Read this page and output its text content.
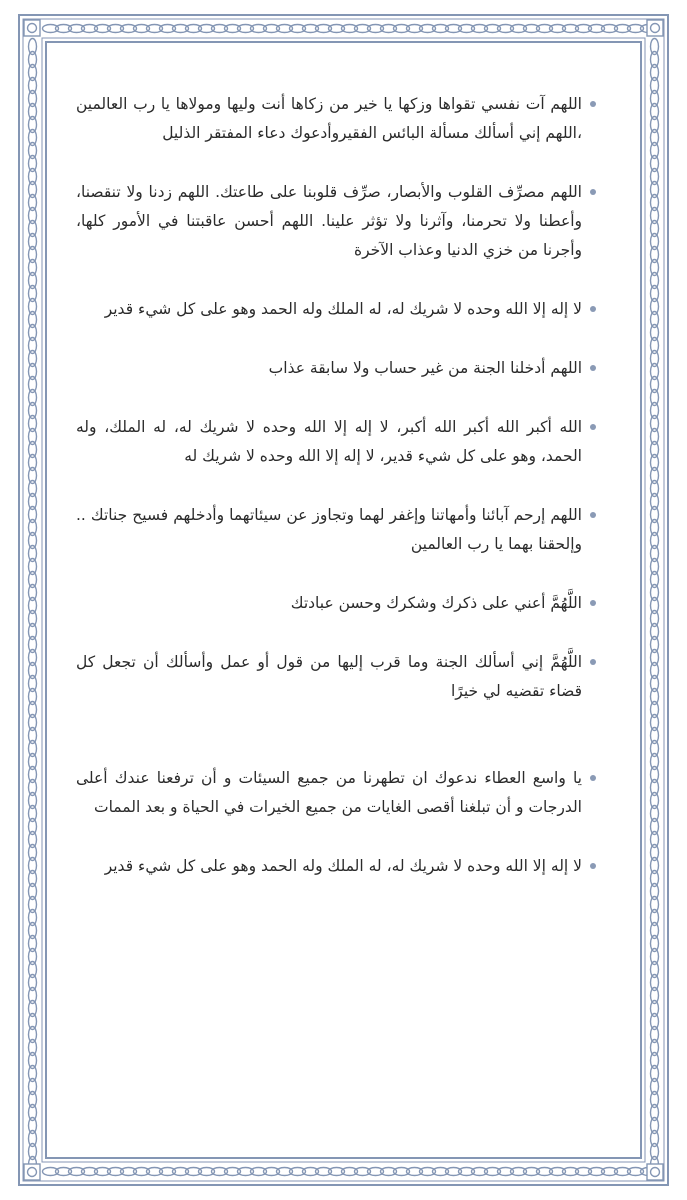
اللهم آت نفسي تقواها وزكها يا خير من زكاها أنت وليها ومولاها يا رب العالمين ،اللهم إني أسألك مسألة البائس الفقيروأدعوك دعاء المفتقر الذليل
اللهم مصرِّف القلوب والأبصار، صرِّف قلوبنا على طاعتك. اللهم زدنا ولا تنقصنا، وأعطنا ولا تحرمنا، وآثرنا ولا تؤثر علينا. اللهم أحسن عاقبتنا في الأمور كلها، وأجرنا من خزي الدنيا وعذاب الآخرة
لا إله إلا الله وحده لا شريك له، له الملك وله الحمد وهو على كل شيء قدير
اللهم أدخلنا الجنة من غير حساب ولا سابقة عذاب
الله أكبر الله أكبر الله أكبر، لا إله إلا الله وحده لا شريك له، له الملك، وله الحمد، وهو على كل شيء قدير، لا إله إلا الله وحده لا شريك له
اللهم إرحم آبائنا وأمهاتنا وإغفر لهما وتجاوز عن سيئاتهما وأدخلهم فسيح جناتك .. وإلحقنا بهما يا رب العالمين
اللَّهُمَّ أعني على ذكرك وشكرك وحسن عبادتك
اللَّهُمَّ إني أسألك الجنة وما قرب إليها من قول أو عمل وأسألك أن تجعل كل قضاء تقضيه لي خيرًا
يا واسع العطاء ندعوك ان تطهرنا من جميع السيئات و أن ترفعنا عندك أعلى الدرجات و أن تبلغنا أقصى الغايات من جميع الخيرات في الحياة و بعد الممات
لا إله إلا الله وحده لا شريك له، له الملك وله الحمد وهو على كل شيء قدير
